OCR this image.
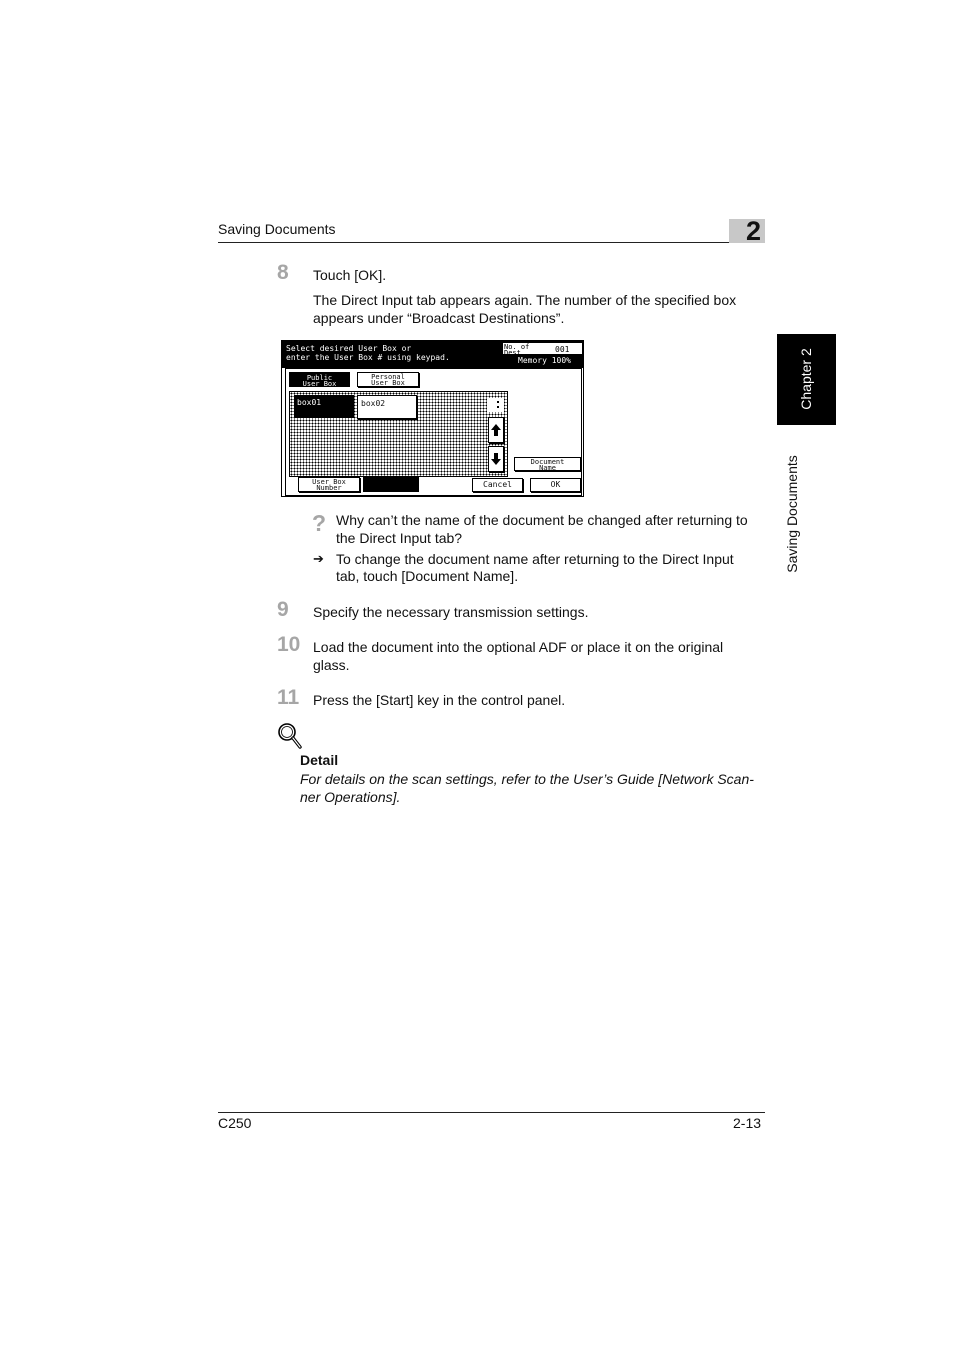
Saving Documents	2
Chapter 2
Saving Documents
8 Touch [OK].
The Direct Input tab appears again. The number of the specified box
appears under “Broadcast Destinations”.
Select desired User Box or
enter the User Box # using keypad.
No. of
Dest.	001
Memory 100%
Public
User Box
Personal
User Box
box01	box02
Document
Name
User Box
Number	Cancel	OK
? Why can’t the name of the document be changed after returning to
the Direct Input tab?
➔ To change the document name after returning to the Direct Input
tab, touch [Document Name].
9 Specify the necessary transmission settings.
10 Load the document into the optional ADF or place it on the original
glass.
11 Press the [Start] key in the control panel.
Detail
For details on the scan settings, refer to the User’s Guide [Network Scan-
ner Operations].
C250	2-13
